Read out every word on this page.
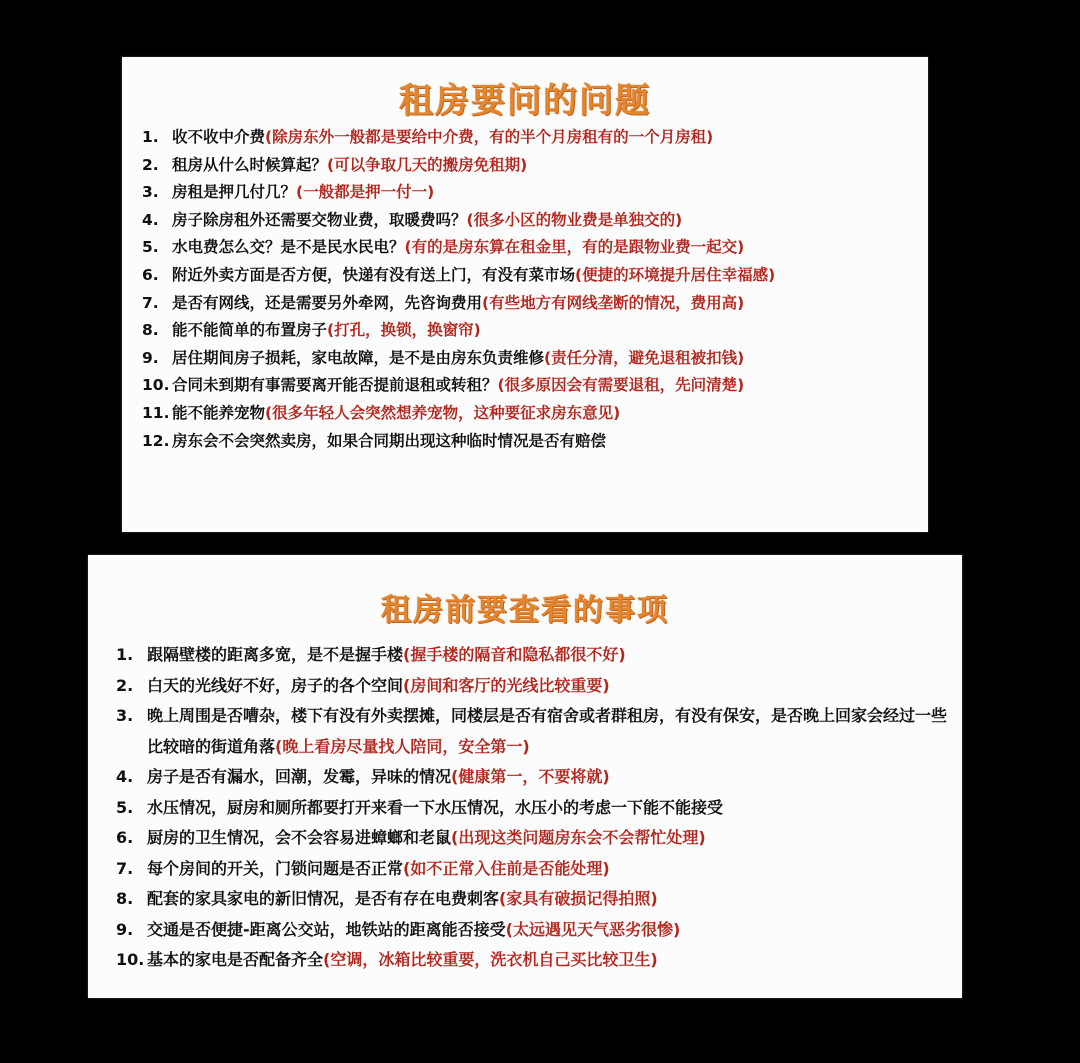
租房要问的问题
1. 收不收中介费(除房东外一般都是要给中介费，有的半个月房租有的一个月房租)
2. 租房从什么时候算起？(可以争取几天的搬房免租期)
3. 房租是押几付几？(一般都是押一付一)
4. 房子除房租外还需要交物业费，取暖费吗？(很多小区的物业费是单独交的)
5. 水电费怎么交？是不是民水民电？(有的是房东算在租金里，有的是跟物业费一起交)
6. 附近外卖方面是否方便，快递有没有送上门，有没有菜市场(便捷的环境提升居住幸福感)
7. 是否有网线，还是需要另外牵网，先咨询费用(有些地方有网线垄断的情况，费用高)
8. 能不能简单的布置房子(打孔，换锁，换窗帘)
9. 居住期间房子损耗，家电故障，是不是由房东负责维修(责任分清，避免退租被扣钱)
10. 合同未到期有事需要离开能否提前退租或转租？(很多原因会有需要退租，先问清楚)
11. 能不能养宠物(很多年轻人会突然想养宠物，这种要征求房东意见)
12. 房东会不会突然卖房，如果合同期出现这种临时情况是否有赔偿
租房前要查看的事项
1. 跟隔壁楼的距离多宽，是不是握手楼(握手楼的隔音和隐私都很不好)
2. 白天的光线好不好，房子的各个空间(房间和客厅的光线比较重要)
3. 晚上周围是否嘈杂，楼下有没有外卖摆摊，同楼层是否有宿舍或者群租房，有没有保安，是否晚上回家会经过一些比较暗的街道角落(晚上看房尽量找人陪同，安全第一)
4. 房子是否有漏水，回潮，发霉，异味的情况(健康第一，不要将就)
5. 水压情况，厨房和厕所都要打开来看一下水压情况，水压小的考虑一下能不能接受
6. 厨房的卫生情况，会不会容易进蟑螂和老鼠(出现这类问题房东会不会帮忙处理)
7. 每个房间的开关，门锁问题是否正常(如不正常入住前是否能处理)
8. 配套的家具家电的新旧情况，是否有存在电费刺客(家具有破损记得拍照)
9. 交通是否便捷-距离公交站，地铁站的距离能否接受(太远遇见天气恶劣很惨)
10. 基本的家电是否配备齐全(空调，冰箱比较重要，洗衣机自己买比较卫生)
